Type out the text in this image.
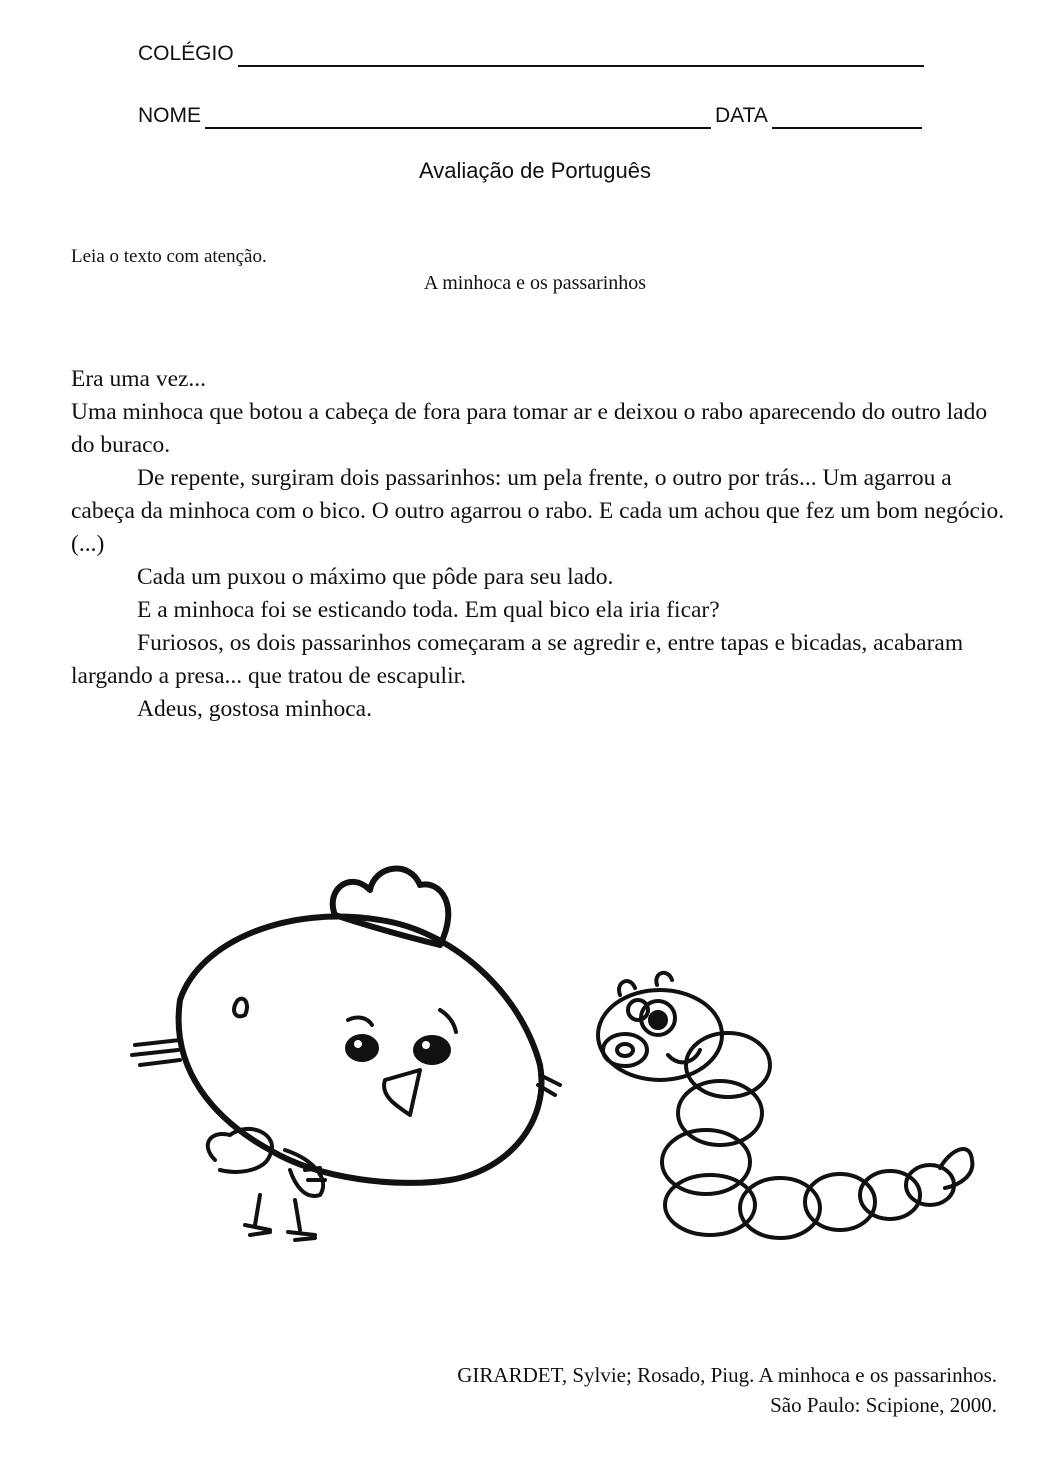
COLÉGIO
NOME	DATA
Avaliação de Português
Leia o texto com atenção.
A minhoca e os passarinhos

Era uma vez...

Uma minhoca que botou a cabeça de fora para tomar ar e deixou o rabo aparecendo do outro lado do buraco.

De repente, surgiram dois passarinhos: um pela frente, o outro por trás... Um agarrou a cabeça da minhoca com o bico. O outro agarrou o rabo. E cada um achou que fez um bom negócio. (...)

Cada um puxou o máximo que pôde para seu lado.

E a minhoca foi se esticando toda. Em qual bico ela iria ficar?

Furiosos, os dois passarinhos começaram a se agredir e, entre tapas e bicadas, acabaram largando a presa... que tratou de escapulir.

Adeus, gostosa minhoca.

GIRARDET, Sylvie; Rosado, Piug. A minhoca e os passarinhos.
São Paulo: Scipione, 2000.
